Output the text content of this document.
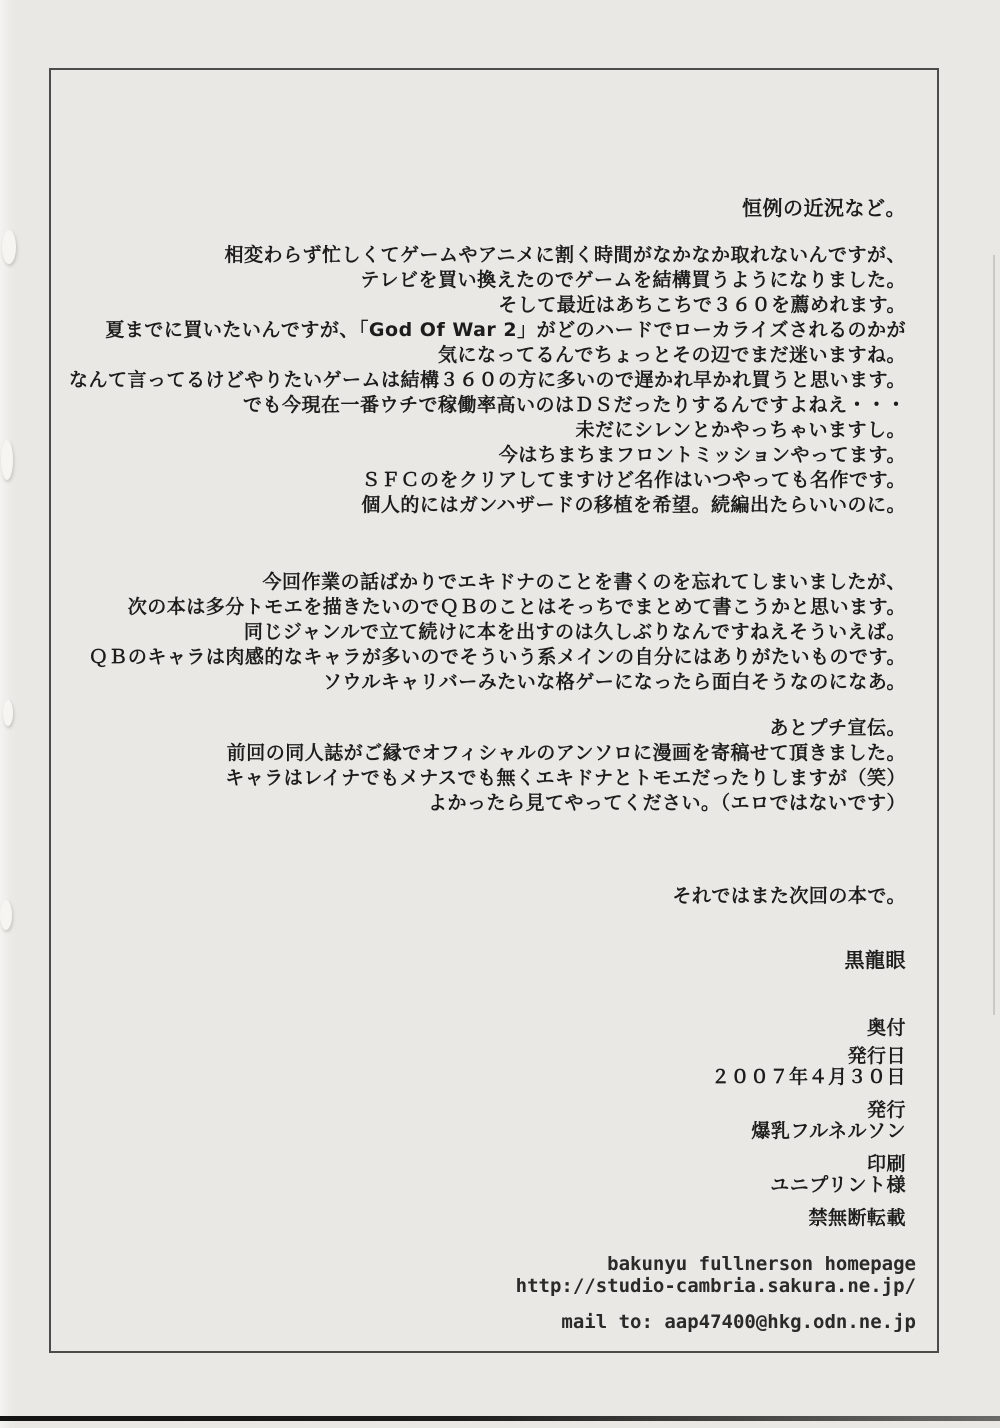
恒例の近況など。
相変わらず忙しくてゲームやアニメに割く時間がなかなか取れないんですが、
テレビを買い換えたのでゲームを結構買うようになりました。
そして最近はあちこちで３６０を薦めれます。
夏までに買いたいんですが、「God Of War 2」がどのハードでローカライズされるのかが
気になってるんでちょっとその辺でまだ迷いますね。
なんて言ってるけどやりたいゲームは結構３６０の方に多いので遅かれ早かれ買うと思います。
でも今現在一番ウチで稼働率高いのはＤＳだったりするんですよねえ・・・
未だにシレンとかやっちゃいますし。
今はちまちまフロントミッションやってます。
ＳＦＣのをクリアしてますけど名作はいつやっても名作です。
個人的にはガンハザードの移植を希望。続編出たらいいのに。
今回作業の話ばかりでエキドナのことを書くのを忘れてしまいましたが、
次の本は多分トモエを描きたいのでＱＢのことはそっちでまとめて書こうかと思います。
同じジャンルで立て続けに本を出すのは久しぶりなんですねえそういえば。
ＱＢのキャラは肉感的なキャラが多いのでそういう系メインの自分にはありがたいものです。
ソウルキャリバーみたいな格ゲーになったら面白そうなのになあ。
あとプチ宣伝。
前回の同人誌がご縁でオフィシャルのアンソロに漫画を寄稿せて頂きました。
キャラはレイナでもメナスでも無くエキドナとトモエだったりしますが（笑）
よかったら見てやってください。（エロではないです）
それではまた次回の本で。
黒龍眼
奥付
発行日
２００７年４月３０日
発行
爆乳フルネルソン
印刷
ユニプリント様
禁無断転載
bakunyu fullnerson homepage
http://studio-cambria.sakura.ne.jp/
mail to: aap47400@hkg.odn.ne.jp
